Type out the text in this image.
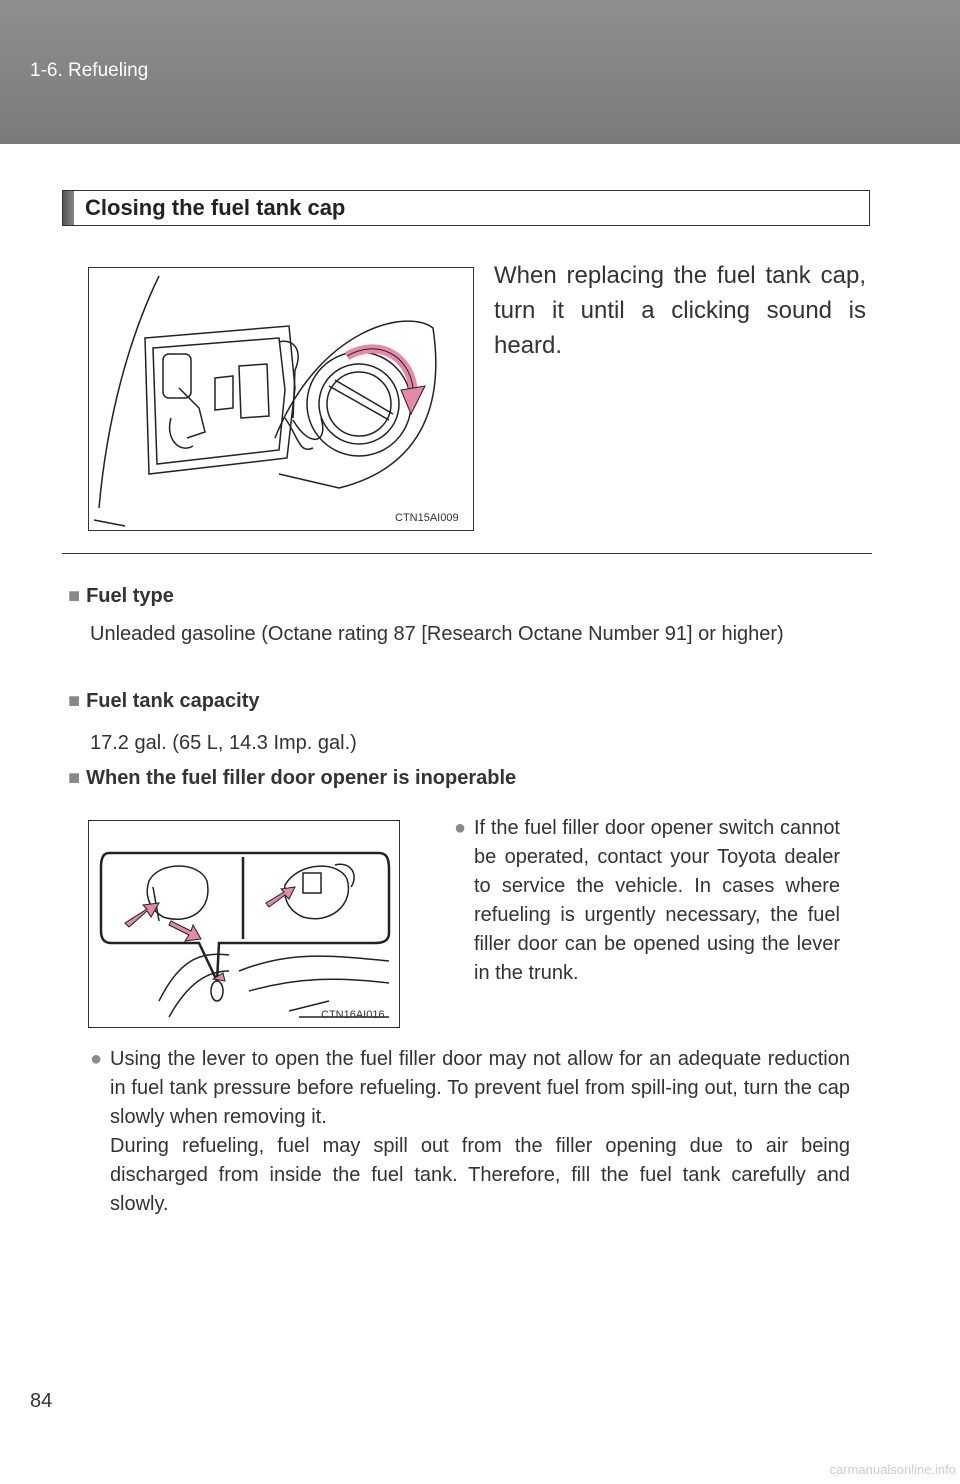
1-6. Refueling
Closing the fuel tank cap
CTN15AI009
When replacing the fuel tank cap, turn it until a clicking sound is heard.
■ Fuel type
Unleaded gasoline (Octane rating 87 [Research Octane Number 91] or higher)
■ Fuel tank capacity
17.2 gal. (65 L, 14.3 Imp. gal.)
■ When the fuel filler door opener is inoperable
CTN16AI016
● If the fuel filler door opener switch cannot be operated, contact your Toyota dealer to service the vehicle. In cases where refueling is urgently necessary, the fuel filler door can be opened using the lever in the trunk.
● Using the lever to open the fuel filler door may not allow for an adequate reduction in fuel tank pressure before refueling. To prevent fuel from spill-ing out, turn the cap slowly when removing it.
During refueling, fuel may spill out from the filler opening due to air being discharged from inside the fuel tank. Therefore, fill the fuel tank carefully and slowly.
84
carmanualsonline.info
